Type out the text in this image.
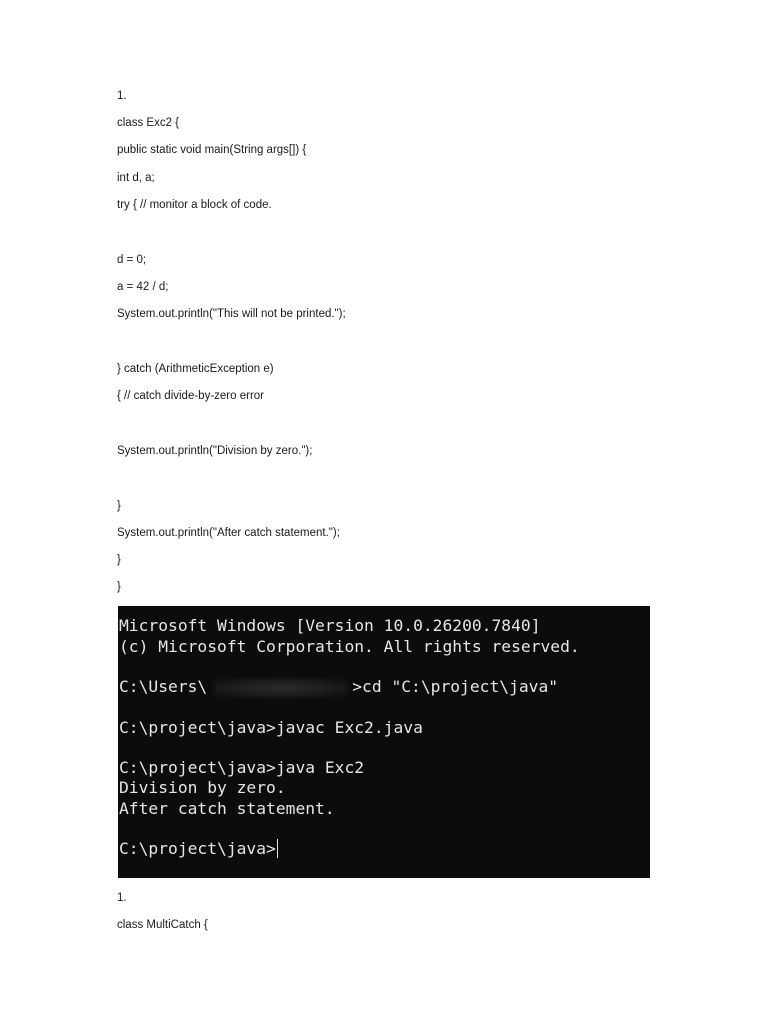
1.
class Exc2 {
public static void main(String args[]) {
int d, a;
try { // monitor a block of code.
d = 0;
a = 42 / d;
System.out.println("This will not be printed.");
} catch (ArithmeticException e)
{ // catch divide-by-zero error
System.out.println("Division by zero.");
}
System.out.println("After catch statement.");
}
}
Microsoft Windows [Version 10.0.26200.7840]
(c) Microsoft Corporation. All rights reserved.
C:\Users\	>cd "C:\project\java"
C:\project\java>javac Exc2.java
C:\project\java>java Exc2
Division by zero.
After catch statement.
C:\project\java>
1.
class MultiCatch {
